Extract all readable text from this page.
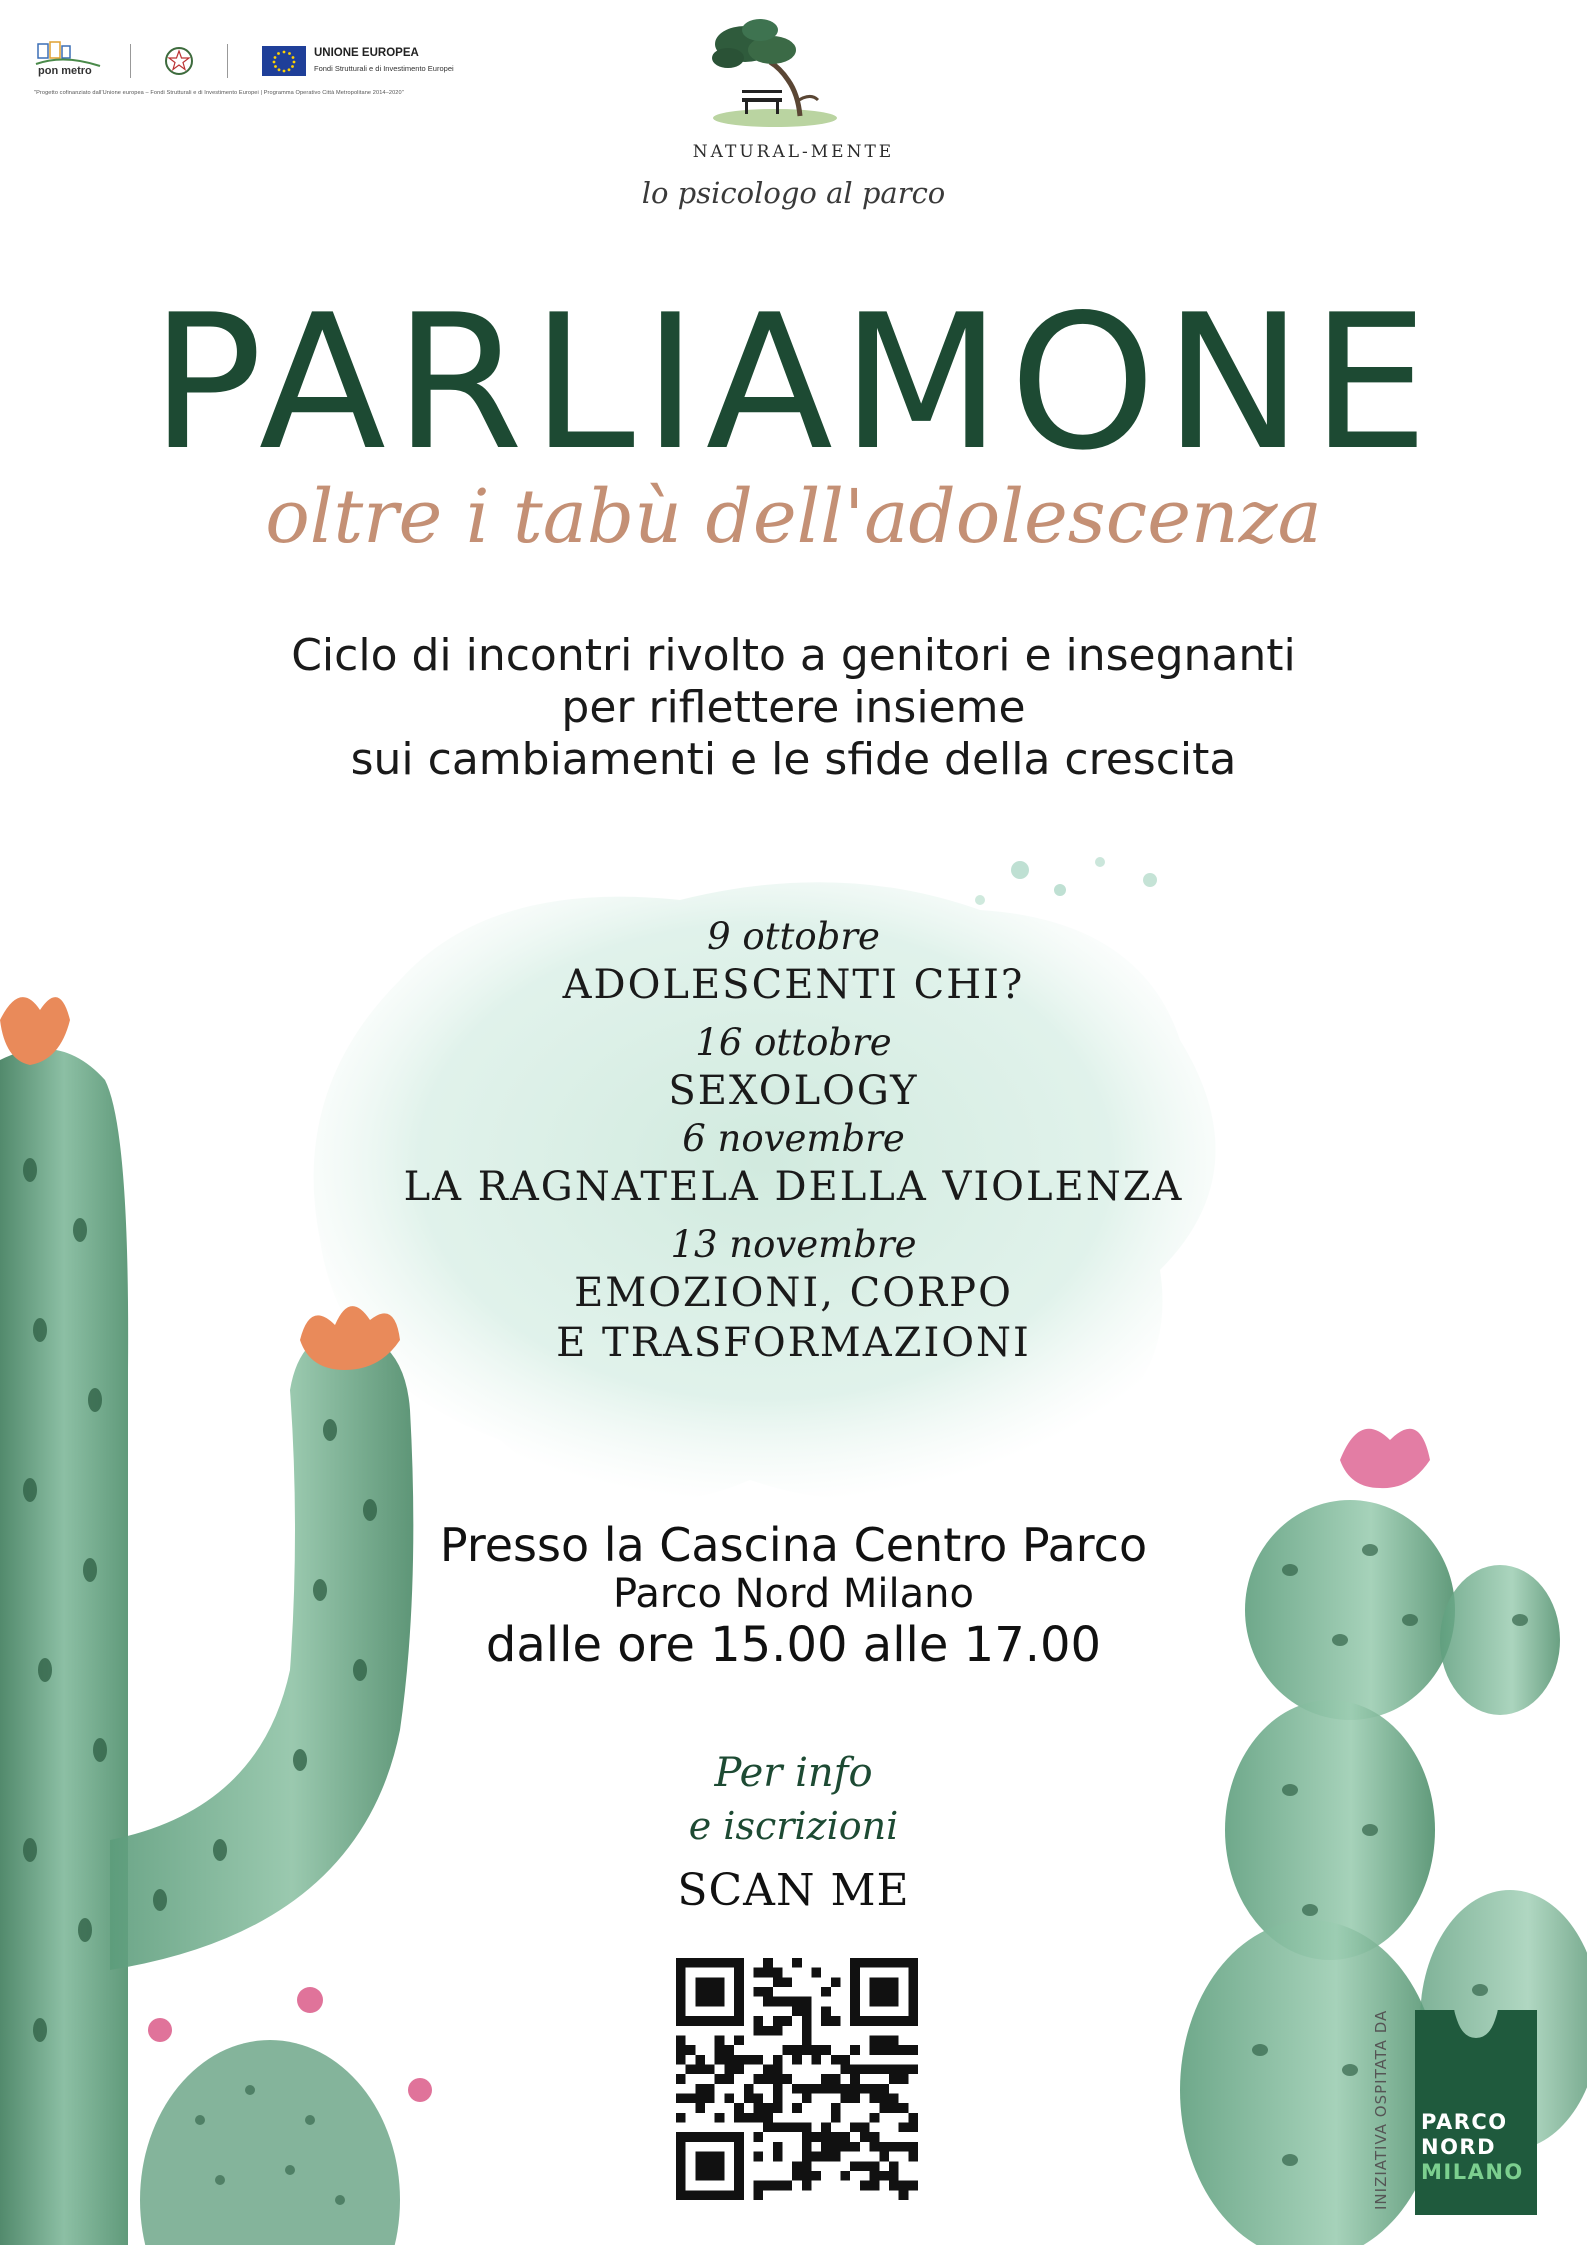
pon metro
UNIONE EUROPEA
Fondi Strutturali e di Investimento Europei
"Progetto cofinanziato dall'Unione europea – Fondi Strutturali e di Investimento Europei | Programma Operativo Città Metropolitane 2014–2020"
NATURAL-MENTE
lo psicologo al parco
PARLIAMONE
oltre i tabù dell'adolescenza
Ciclo di incontri rivolto a genitori e insegnanti
per riflettere insieme
sui cambiamenti e le sfide della crescita
9 ottobre
ADOLESCENTI CHI?
16 ottobre
SEXOLOGY
6 novembre
LA RAGNATELA DELLA VIOLENZA
13 novembre
EMOZIONI, CORPO
E TRASFORMAZIONI
Presso la Cascina Centro Parco
Parco Nord Milano
dalle ore 15.00 alle 17.00
Per info
e iscrizioni
SCAN ME
INIZIATIVA OSPITATA DA PARCO
NORD
MILANO
